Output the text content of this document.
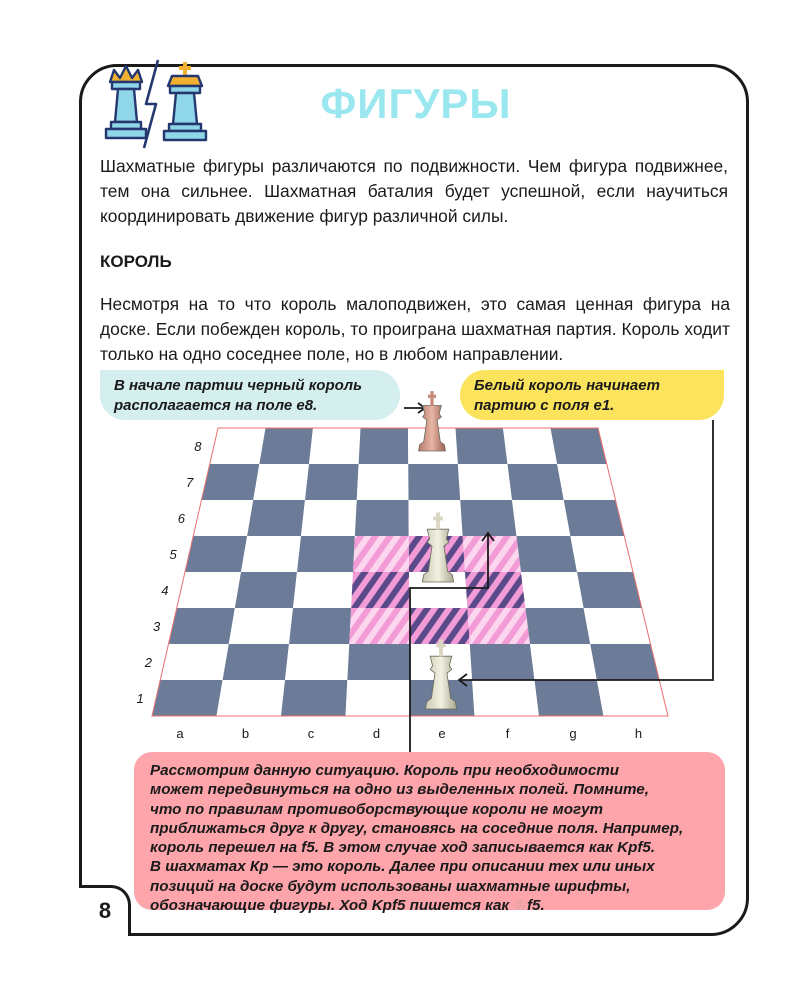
8
ФИГУРЫ
Шахматные фигуры различаются по подвижности. Чем фигура подвижнее, тем она сильнее. Шахматная баталия будет успешной, если научиться координировать движение фигур различной силы.
КОРОЛЬ
Несмотря на то что король малоподвижен, это самая ценная фигура на доске. Если побежден король, то проиграна шахматная партия. Король ходит только на одно соседнее поле, но в любом направлении.
В начале партии черный король располагается на поле е8.
Белый король начинает партию с поля е1.
1
2
3
4
5
6
7
8
a	b	c	d	e	f	g	h
Рассмотрим данную ситуацию. Король при необходимости
может передвинуться на одно из выделенных полей. Помните,
что по правилам противоборствующие короли не могут
приближаться друг к другу, становясь на соседние поля. Например,
король перешел на f5. В этом случае ход записывается как Kpf5.
В шахматах Кр — это король. Далее при описании тех или иных
позиций на доске будут использованы шахматные шрифты,
обозначающие фигуры. Ход Kpf5 пишется как ♔f5.
